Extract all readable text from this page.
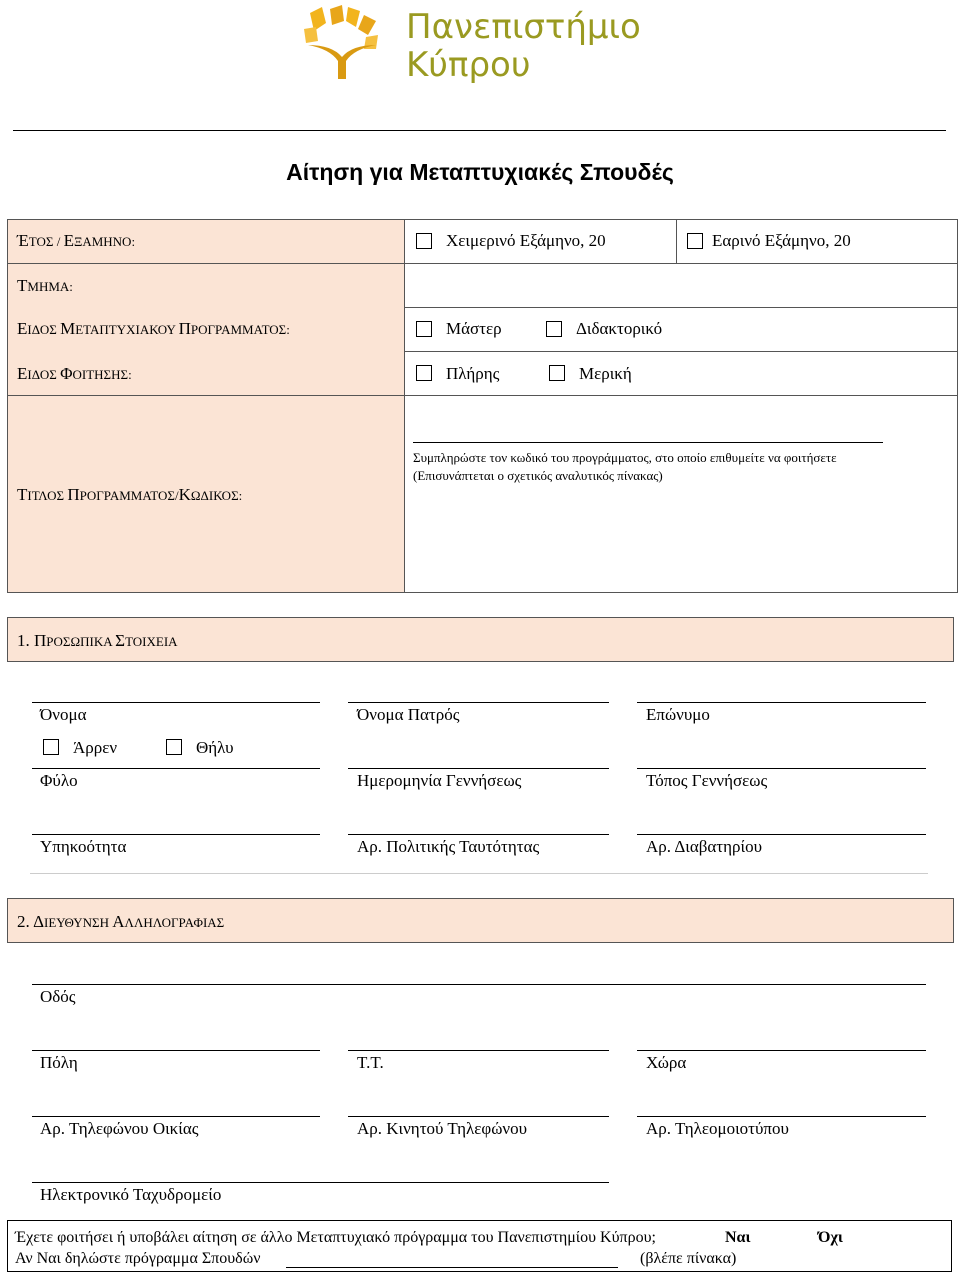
Πανεπιστήμιο
Κύπρου
Αίτηση για Μεταπτυχιακές Σπουδές
ΈΤΟΣ / ΕΞΑΜΗΝΟ:	Χειμερινό Εξάμηνο, 20	Εαρινό Εξάμηνο, 20
ΤΜΗΜΑ:
ΕΙΔΟΣ ΜΕΤΑΠΤΥΧΙΑΚΟΥ ΠΡΟΓΡΑΜΜΑΤΟΣ:	Μάστερ	Διδακτορικό
ΕΙΔΟΣ ΦΟΙΤΗΣΗΣ:	Πλήρης	Μερική
ΤΙΤΛΟΣ ΠΡΟΓΡΑΜΜΑΤΟΣ/ΚΩΔΙΚΟΣ:
Συμπληρώστε τον κωδικό του προγράμματος, στο οποίο επιθυμείτε να φοιτήσετε
(Επισυνάπτεται ο σχετικός αναλυτικός πίνακας)
1. ΠΡΟΣΩΠΙΚΑ ΣΤΟΙΧΕΙΑ
Όνομα	Όνομα Πατρός	Επώνυμο
Άρρεν	Θήλυ
Φύλο	Ημερομηνία Γεννήσεως	Τόπος Γεννήσεως
Υπηκοότητα	Αρ. Πολιτικής Ταυτότητας	Αρ. Διαβατηρίου
2. ΔΙΕΥΘΥΝΣΗ ΑΛΛΗΛΟΓΡΑΦΙΑΣ
Οδός
Πόλη	Τ.Τ.	Χώρα
Αρ. Τηλεφώνου Οικίας	Αρ. Κινητού Τηλεφώνου	Αρ. Τηλεομοιοτύπου
Ηλεκτρονικό Ταχυδρομείο
Έχετε φοιτήσει ή υποβάλει αίτηση σε άλλο Μεταπτυχιακό πρόγραμμα του Πανεπιστημίου Κύπρου;	Ναι	Όχι
Αν Ναι δηλώστε πρόγραμμα Σπουδών	(βλέπε πίνακα)
